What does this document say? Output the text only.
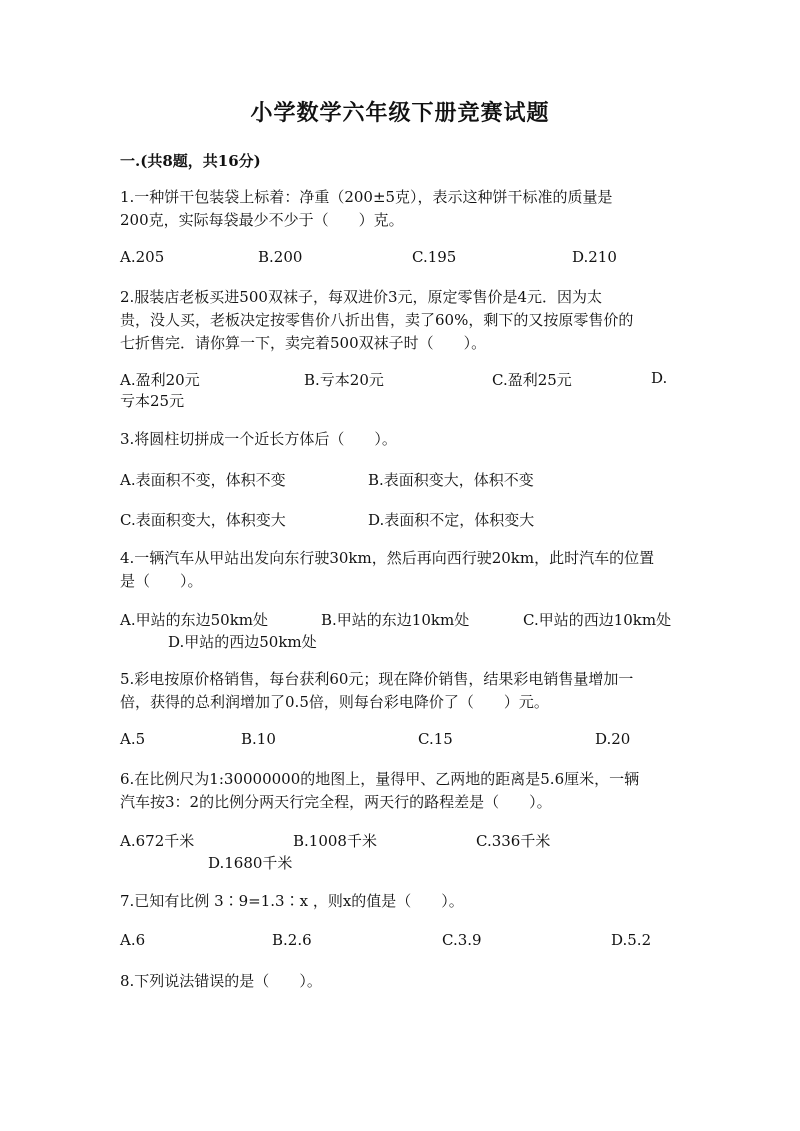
小学数学六年级下册竞赛试题
一.(共8题，共16分)
1.一种饼干包装袋上标着：净重（200±5克），表示这种饼干标准的质量是
200克，实际每袋最少不少于（　　）克。
A.205	B.200	C.195	D.210
2.服装店老板买进500双袜子，每双进价3元，原定零售价是4元．因为太
贵，没人买，老板决定按零售价八折出售，卖了60%，剩下的又按原零售价的
七折售完．请你算一下，卖完着500双袜子时（　　）。
A.盈利20元	B.亏本20元	C.盈利25元	D.
亏本25元
3.将圆柱切拼成一个近长方体后（　　）。
A.表面积不变，体积不变	B.表面积变大，体积不变
C.表面积变大，体积变大	D.表面积不定，体积变大
4.一辆汽车从甲站出发向东行驶30km，然后再向西行驶20km，此时汽车的位置
是（　　）。
A.甲站的东边50km处	B.甲站的东边10km处	C.甲站的西边10km处
D.甲站的西边50km处
5.彩电按原价格销售，每台获利60元；现在降价销售，结果彩电销售量增加一
倍，获得的总利润增加了0.5倍，则每台彩电降价了（　　）元。
A.5	B.10	C.15	D.20
6.在比例尺为1:30000000的地图上，量得甲、乙两地的距离是5.6厘米，一辆
汽车按3：2的比例分两天行完全程，两天行的路程差是（　　）。
A.672千米	B.1008千米	C.336千米
D.1680千米
7.已知有比例 3∶9=1.3∶x ，则x的值是（　　）。
A.6	B.2.6	C.3.9	D.5.2
8.下列说法错误的是（　　）。
